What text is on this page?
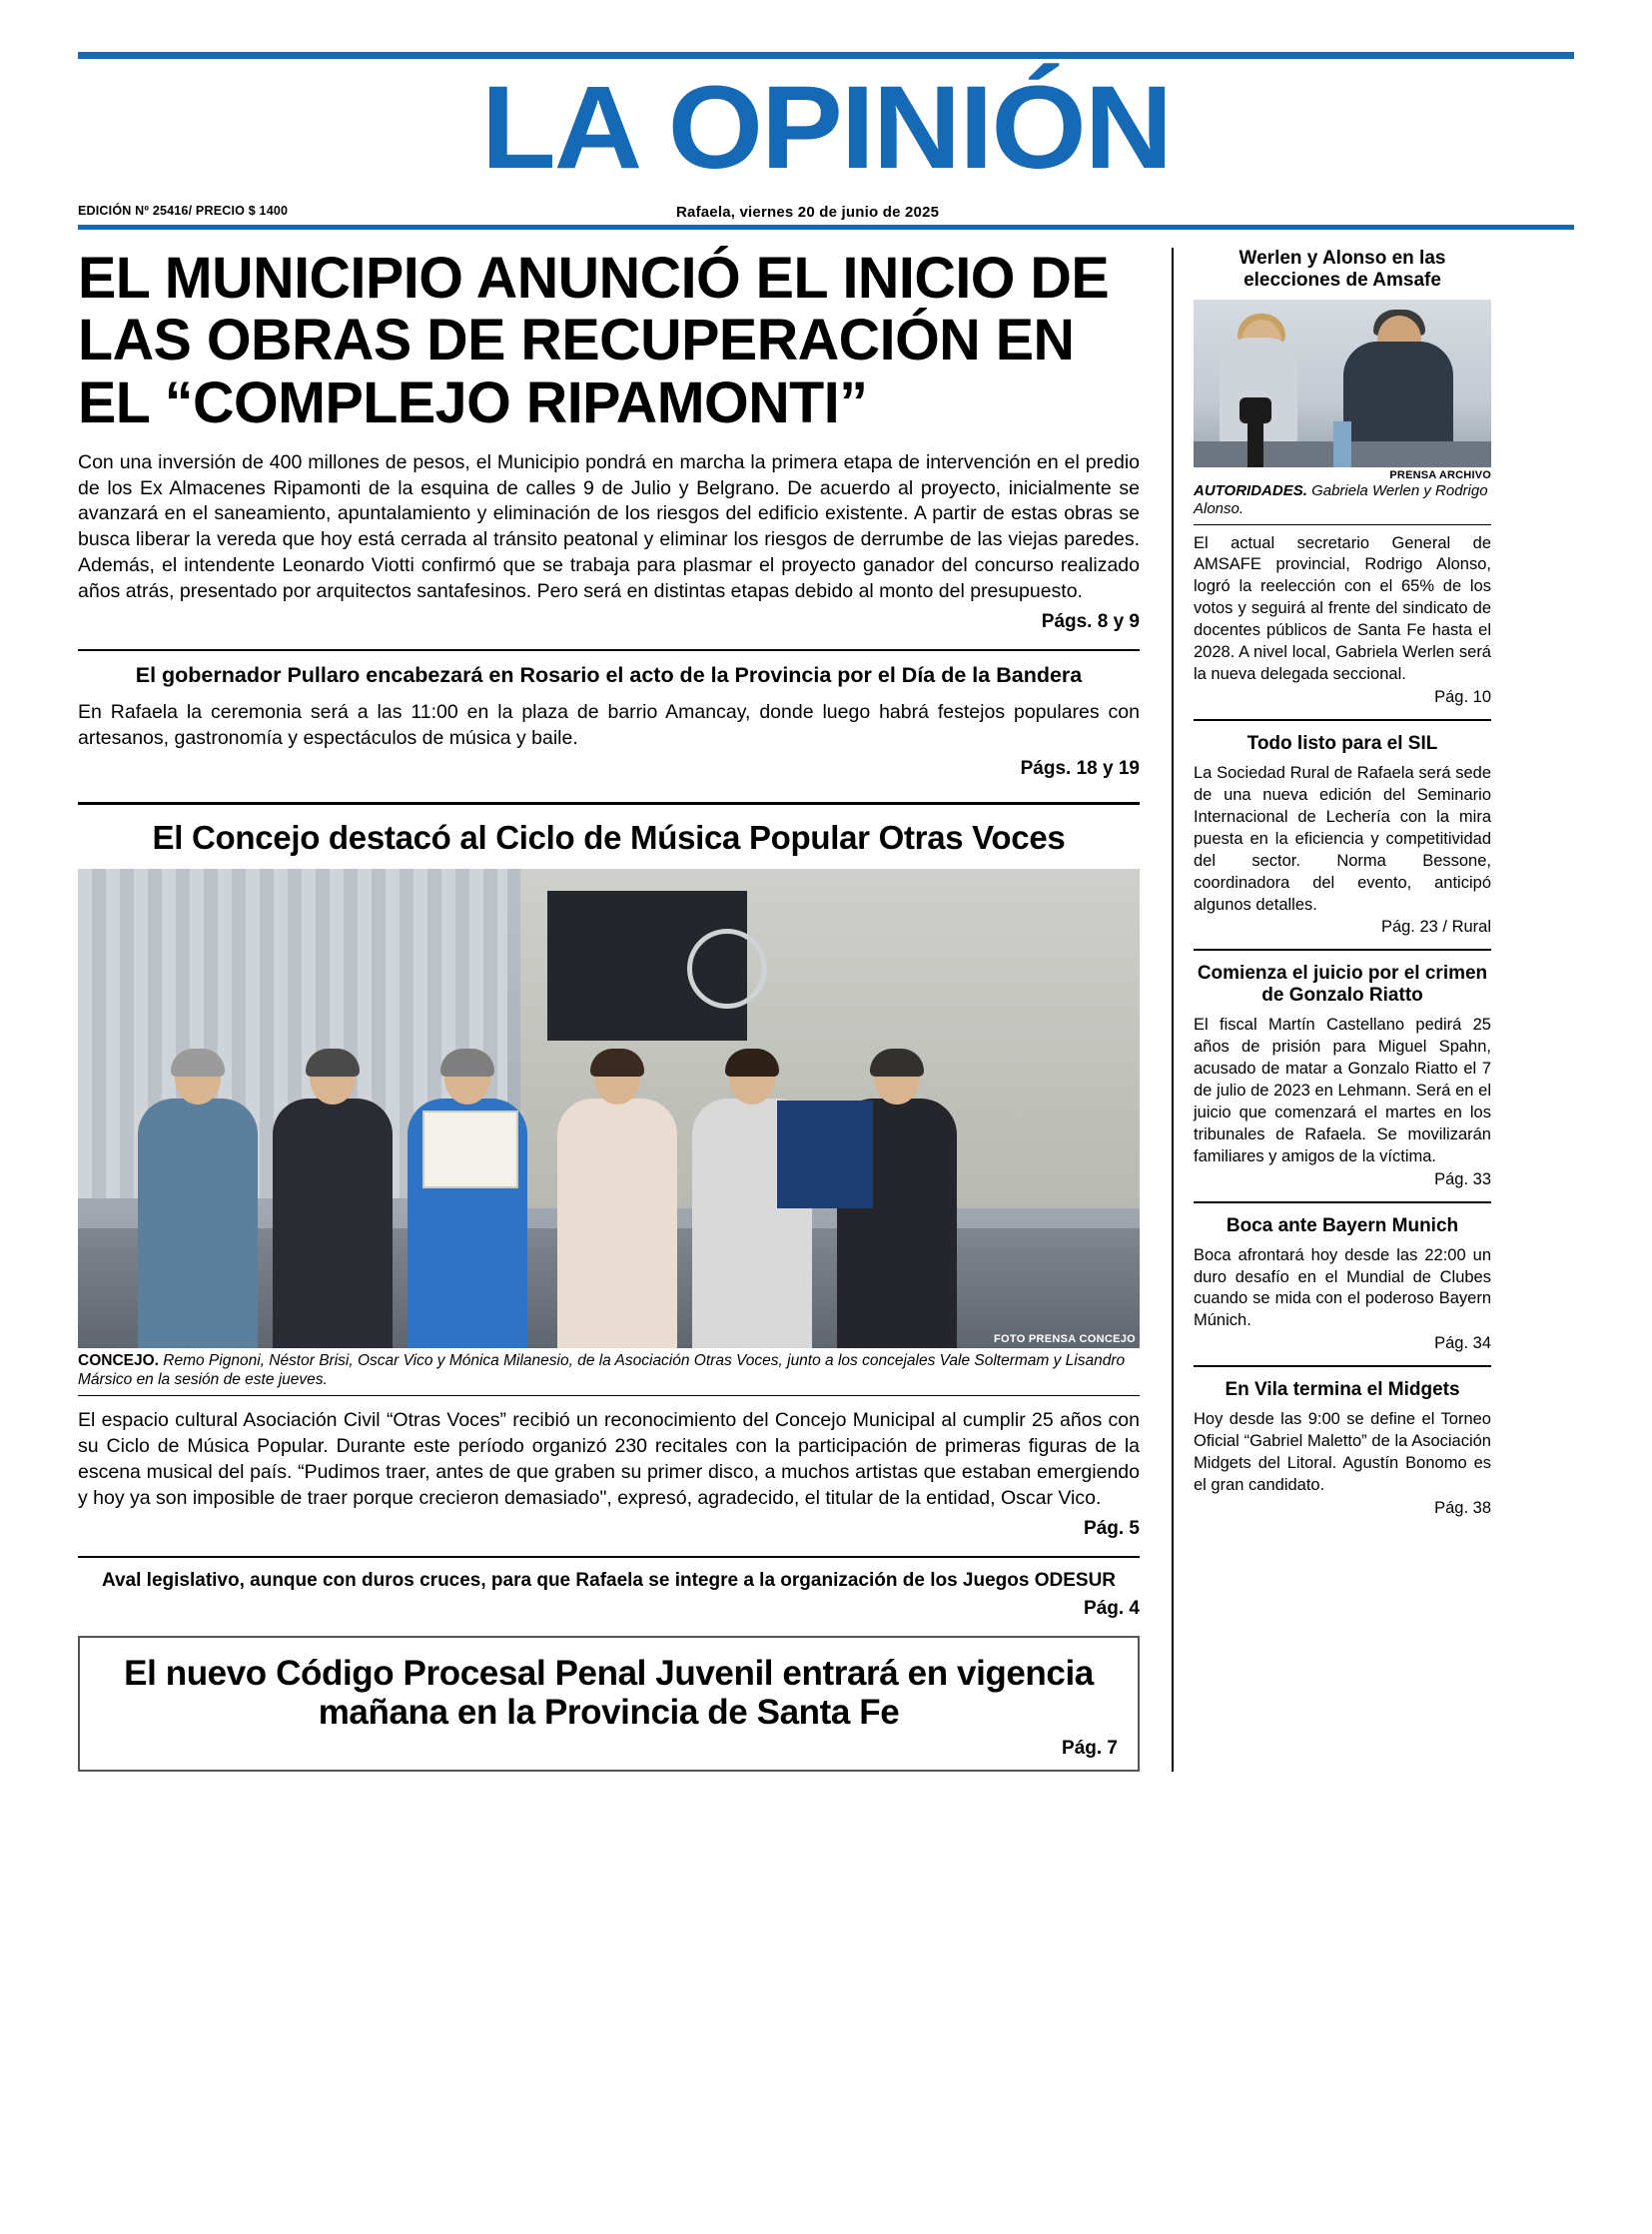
LA OPINIÓN
EDICIÓN Nº 25416/ PRECIO $ 1400	Rafaela, viernes 20 de junio de 2025
EL MUNICIPIO ANUNCIÓ EL INICIO DE LAS OBRAS DE RECUPERACIÓN EN EL “COMPLEJO RIPAMONTI”

Con una inversión de 400 millones de pesos, el Municipio pondrá en marcha la primera etapa de intervención en el predio de los Ex Almacenes Ripamonti de la esquina de calles 9 de Julio y Belgrano. De acuerdo al proyecto, inicialmente se avanzará en el saneamiento, apuntalamiento y eliminación de los riesgos del edificio existente. A partir de estas obras se busca liberar la vereda que hoy está cerrada al tránsito peatonal y eliminar los riesgos de derrumbe de las viejas paredes. Además, el intendente Leonardo Viotti confirmó que se trabaja para plasmar el proyecto ganador del concurso realizado años atrás, presentado por arquitectos santafesinos. Pero será en distintas etapas debido al monto del presupuesto.

Págs. 8 y 9
El gobernador Pullaro encabezará en Rosario el acto de la Provincia por el Día de la Bandera

En Rafaela la ceremonia será a las 11:00 en la plaza de barrio Amancay, donde luego habrá festejos populares con artesanos, gastronomía y espectáculos de música y baile.

Págs. 18 y 19
El Concejo destacó al Ciclo de Música Popular Otras Voces
FOTO PRENSA CONCEJO

CONCEJO. Remo Pignoni, Néstor Brisi, Oscar Vico y Mónica Milanesio, de la Asociación Otras Voces, junto a los concejales Vale Soltermam y Lisandro Mársico en la sesión de este jueves.

El espacio cultural Asociación Civil “Otras Voces” recibió un reconocimiento del Concejo Municipal al cumplir 25 años con su Ciclo de Música Popular. Durante este período organizó 230 recitales con la participación de primeras figuras de la escena musical del país. “Pudimos traer, antes de que graben su primer disco, a muchos artistas que estaban emergiendo y hoy ya son imposible de traer porque crecieron demasiado", expresó, agradecido, el titular de la entidad, Oscar Vico.

Pág. 5
Aval legislativo, aunque con duros cruces, para que Rafaela se integre a la organización de los Juegos ODESUR
Pág. 4
El nuevo Código Procesal Penal Juvenil entrará en vigencia mañana en la Provincia de Santa Fe
Pág. 7
Werlen y Alonso en las elecciones de Amsafe
PRENSA ARCHIVO

AUTORIDADES. Gabriela Werlen y Rodrigo Alonso.

El actual secretario General de AMSAFE provincial, Rodrigo Alonso, logró la reelección con el 65% de los votos y seguirá al frente del sindicato de docentes públicos de Santa Fe hasta el 2028. A nivel local, Gabriela Werlen será la nueva delegada seccional.

Pág. 10
Todo listo para el SIL

La Sociedad Rural de Rafaela será sede de una nueva edición del Seminario Internacional de Lechería con la mira puesta en la eficiencia y competitividad del sector. Norma Bessone, coordinadora del evento, anticipó algunos detalles.

Pág. 23 / Rural
Comienza el juicio por el crimen de Gonzalo Riatto

El fiscal Martín Castellano pedirá 25 años de prisión para Miguel Spahn, acusado de matar a Gonzalo Riatto el 7 de julio de 2023 en Lehmann. Será en el juicio que comenzará el martes en los tribunales de Rafaela. Se movilizarán familiares y amigos de la víctima.

Pág. 33
Boca ante Bayern Munich

Boca afrontará hoy desde las 22:00 un duro desafío en el Mundial de Clubes cuando se mida con el poderoso Bayern Múnich.

Pág. 34
En Vila termina el Midgets

Hoy desde las 9:00 se define el Torneo Oficial “Gabriel Maletto” de la Asociación Midgets del Litoral. Agustín Bonomo es el gran candidato.

Pág. 38
